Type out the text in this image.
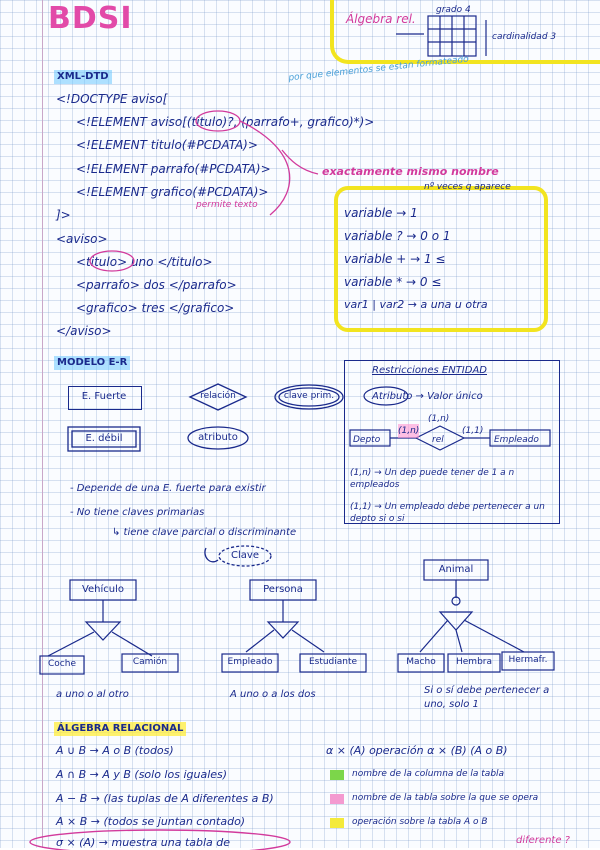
BDSI	Álgebra rel.
grado 4
cardinalidad 3
XML-DTD	por que elementos se estan formateado
<!DOCTYPE aviso[
<!ELEMENT aviso[(titulo)?, (parrafo+, grafico)*)>
<!ELEMENT titulo(#PCDATA)>
<!ELEMENT parrafo(#PCDATA)>
<!ELEMENT grafico(#PCDATA)>
]>
<aviso>
<titulo> uno </titulo>
<parrafo> dos </parrafo>
<grafico> tres </grafico>
</aviso>
exactamente mismo nombre
permite texto
nº veces q aparece
variable → 1
variable ? → 0 o 1
variable + → 1 ≤
variable * → 0 ≤
var1 | var2 → a una u otra
MODELO E-R
E. Fuerte	relación	clave prim.
E. débil	atributo
Clave
Restricciones ENTIDAD
Atributo → Valor único
Depto	rel	Empleado
(1,n)
(1,n)	(1,1)
(1,n) → Un dep puede tener de 1 a n empleados
(1,1) → Un empleado debe pertenecer a un depto si o si
- Depende de una E. fuerte para existir
- No tiene claves primarias
↳ tiene clave parcial o discriminante
Vehículo
Coche	Camión
a uno o al otro
Persona
Empleado	Estudiante
A uno o a los dos
Animal
Macho	Hembra	Hermafr.
Si o sí debe pertenecer a uno, solo 1
ÁLGEBRA RELACIONAL
A ∪ B → A o B (todos)
A ∩ B → A y B (solo los iguales)
A − B → (las tuplas de A diferentes a B)
A × B → (todos se juntan contado)
σ × (A) → muestra una tabla de
α × (A) operación α × (B) (A o B)
nombre de la columna de la tabla
nombre de la tabla sobre la que se opera
operación sobre la tabla A o B
diferente ?
